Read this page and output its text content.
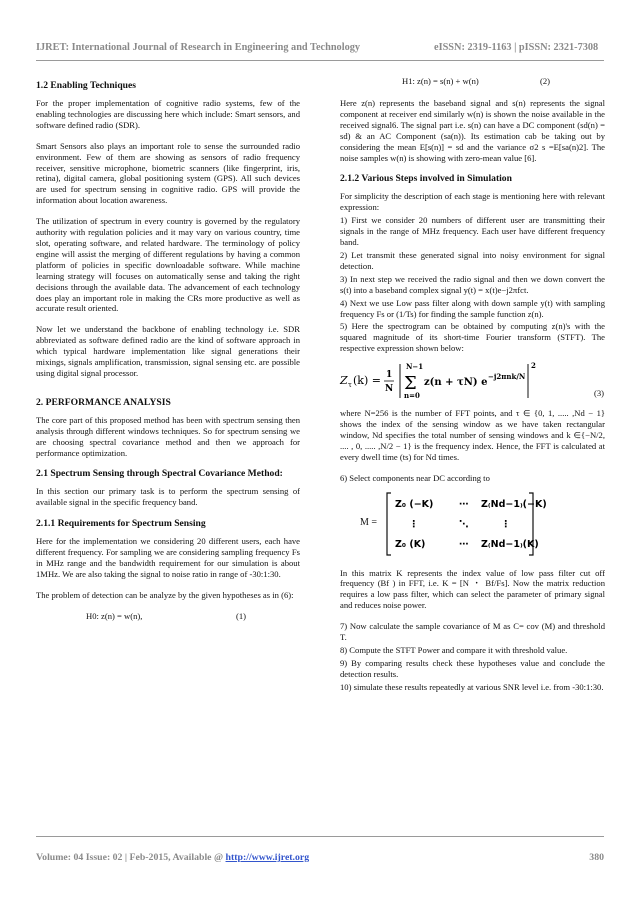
IJRET: International Journal of Research in Engineering and Technology	eISSN: 2319-1163 | pISSN: 2321-7308
1.2 Enabling Techniques

For the proper implementation of cognitive radio systems, few of the enabling technologies are discussing here which include: Smart sensors, and software defined radio (SDR).

Smart Sensors also plays an important role to sense the surrounded radio environment. Few of them are showing as sensors of radio frequency receiver, sensitive microphone, biometric scanners (like fingerprint, iris, retina), digital camera, global positioning system (GPS). All such devices are used for spectrum sensing in cognitive radio. GPS will provide the information about location awareness.

The utilization of spectrum in every country is governed by the regulatory authority with regulation policies and it may vary on various country, time slot, operating software, and related hardware. The terminology of policy engine will assist the merging of different regulations by having a common platform of policies in specific downloadable software. While machine learning strategy will focuses on automatically sense and taking the right decisions through the available data. The advancement of each technology does play an important role in making the CRs more productive as well as accurate result oriented.

Now let we understand the backbone of enabling technology i.e. SDR abbreviated as software defined radio are the kind of software approach in which typical hardware implementation like signal generations their mixings, signals amplification, transmission, signal sensing etc. are possible using digital signal processor.

2. PERFORMANCE ANALYSIS

The core part of this proposed method has been with spectrum sensing then analysis through different windows techniques. So for spectrum sensing we are choosing spectral covariance method and then we approach for performance optimization.

2.1 Spectrum Sensing through Spectral Covariance Method:

In this section our primary task is to perform the spectrum sensing of available signal in the specific frequency band.

2.1.1 Requirements for Spectrum Sensing

Here for the implementation we considering 20 different users, each have different frequency. For sampling we are considering sampling frequency Fs in MHz range and the bandwidth requirement for our simulation is about 1MHz. We are also taking the signal to noise ratio in range of -30:1:30.

The problem of detection can be analyze by the given hypotheses as in (6):

H0: z(n) = w(n),	(1)
H1: z(n) = s(n) + w(n)	(2)

Here z(n) represents the baseband signal and s(n) represents the signal component at receiver end similarly w(n) is shown the noise available in the received signal6. The signal part i.e. s(n) can have a DC component (sd(n) = sd) & an AC Component (sa(n)). Its estimation cab be taking out by considering the mean E[s(n)] = sd and the variance σ2 s =E[sa(n)2]. The noise samples w(n) is showing with zero-mean value [6].

2.1.2 Various Steps involved in Simulation

For simplicity the description of each stage is mentioning here with relevant expression:

1) First we consider 20 numbers of different user are transmitting their signals in the range of MHz frequency. Each user have different frequency band.

2) Let transmit these generated signal into noisy environment for signal detection.

3) In next step we received the radio signal and then we down convert the s(t) into a baseband complex signal y(t) = x(t)e−j2πfct.

4) Next we use Low pass filter along with down sample y(t) with sampling frequency Fs or (1/Ts) for finding the sample function z(n).

5) Here the spectrogram can be obtained by computing z(n)'s with the squared magnitude of its short-time Fourier transform (STFT). The respective expression shown below:

Z τ (k) = 1
N Σ
N−1
n=0
z(n + τN) e
−j2πnk/N
2
(3)

where N=256 is the number of FFT points, and τ ∈ {0, 1, ..... ,Nd − 1} shows the index of the sensing window as we have taken rectangular window, Nd specifies the total number of sensing windows and k ∈{−N/2, .... , 0, ..... ,N/2 − 1} is the frequency index. Hence, the FFT is calculated at every dwell time (ts) for Nd times.

6) Select components near DC according to

M =
Z₀ (−K)	⋯ Z₍Nd−1₎(−K)
⋮	⋱	⋮
Z₀ (K)	⋯ Z₍Nd−1₎(K)

In this matrix K represents the index value of low pass filter cut off frequency (Bf ) in FFT, i.e. K = [N ・ Bf/Fs]. Now the matrix reduction requires a low pass filter, which can select the parameter of primary signal and reduces noise power.

7) Now calculate the sample covariance of M as C= cov (M) and threshold T.

8) Compute the STFT Power and compare it with threshold value.

9) By comparing results check these hypotheses value and conclude the detection results.

10) simulate these results repeatedly at various SNR level i.e. from -30:1:30.

Volume: 04 Issue: 02 | Feb-2015, Available @ http://www.ijret.org	380
